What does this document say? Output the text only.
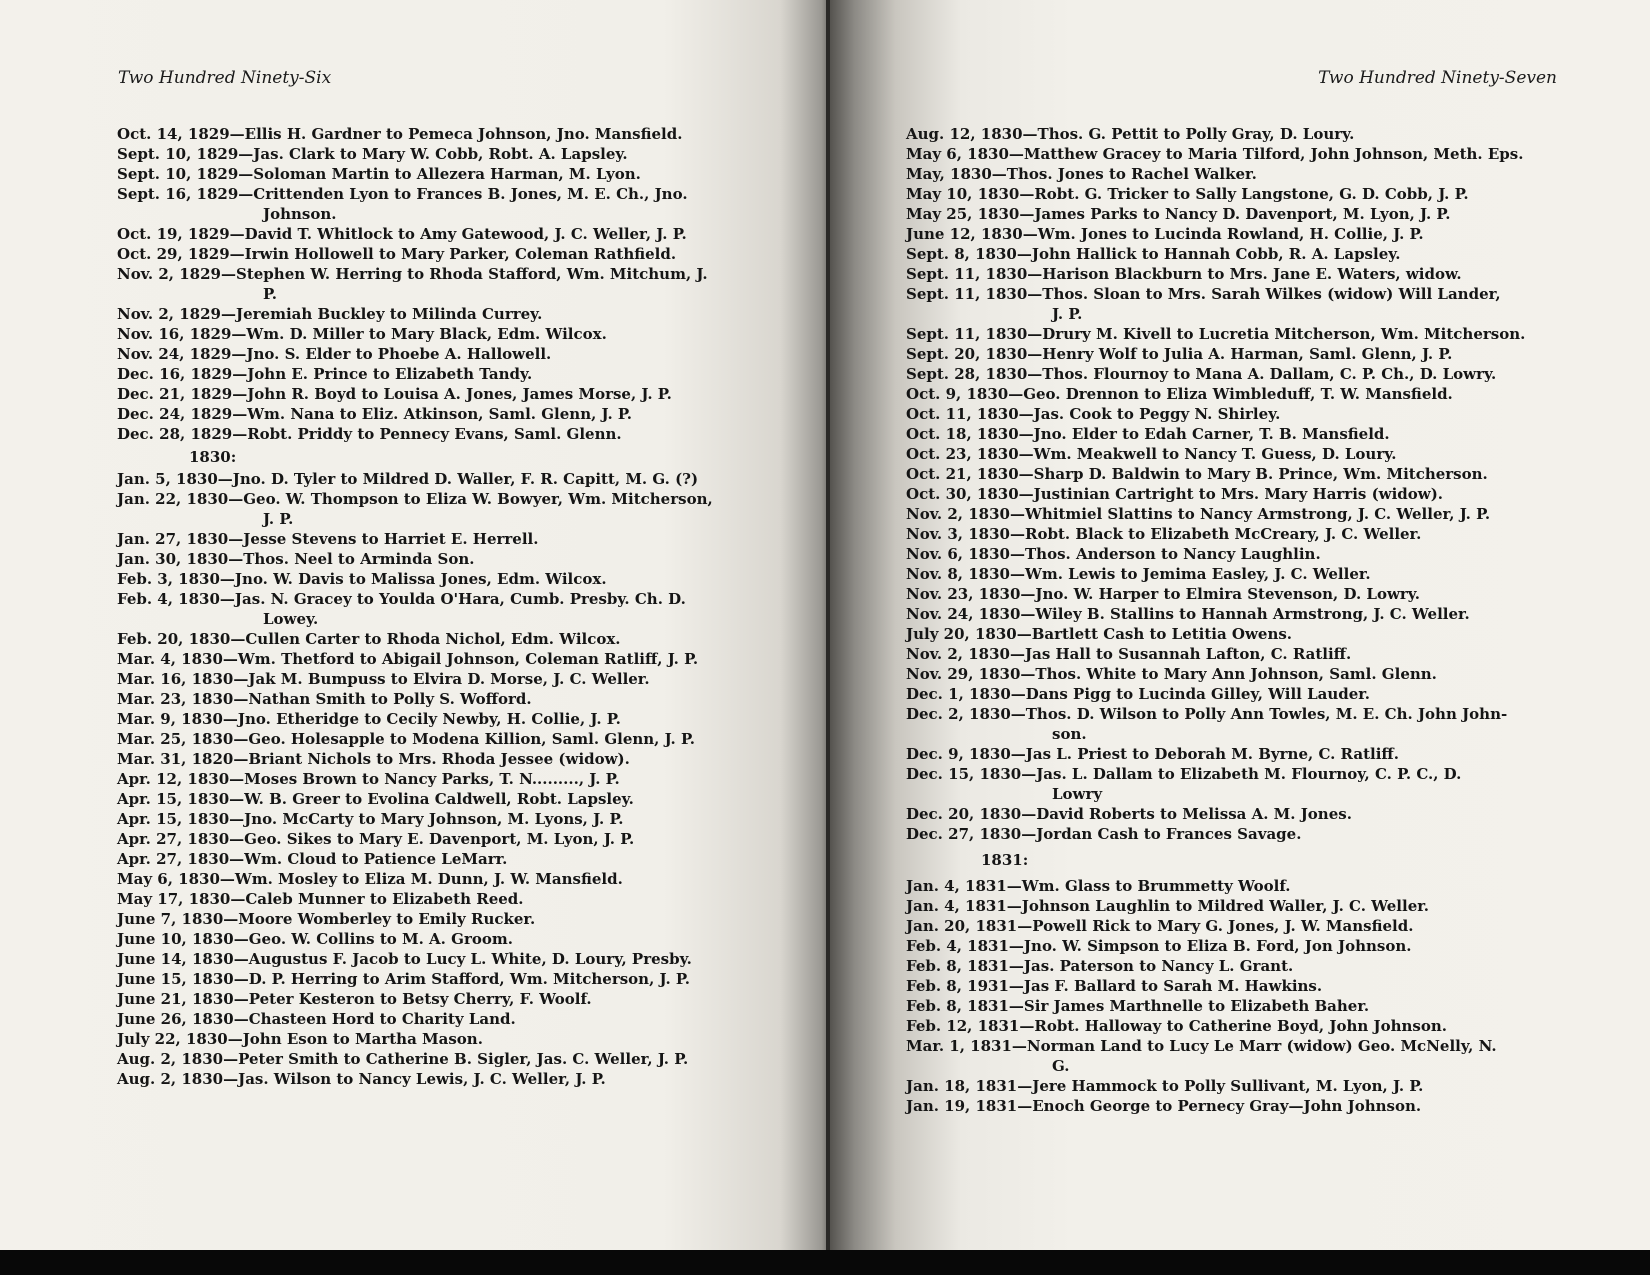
Two Hundred Ninety-Six
Oct. 14, 1829—Ellis H. Gardner to Pemeca Johnson, Jno. Mansfield.
Sept. 10, 1829—Jas. Clark to Mary W. Cobb, Robt. A. Lapsley.
Sept. 10, 1829—Soloman Martin to Allezera Harman, M. Lyon.
Sept. 16, 1829—Crittenden Lyon to Frances B. Jones, M. E. Ch., Jno.
Johnson.
Oct. 19, 1829—David T. Whitlock to Amy Gatewood, J. C. Weller, J. P.
Oct. 29, 1829—Irwin Hollowell to Mary Parker, Coleman Rathfield.
Nov. 2, 1829—Stephen W. Herring to Rhoda Stafford, Wm. Mitchum, J.
P.
Nov. 2, 1829—Jeremiah Buckley to Milinda Currey.
Nov. 16, 1829—Wm. D. Miller to Mary Black, Edm. Wilcox.
Nov. 24, 1829—Jno. S. Elder to Phoebe A. Hallowell.
Dec. 16, 1829—John E. Prince to Elizabeth Tandy.
Dec. 21, 1829—John R. Boyd to Louisa A. Jones, James Morse, J. P.
Dec. 24, 1829—Wm. Nana to Eliz. Atkinson, Saml. Glenn, J. P.
Dec. 28, 1829—Robt. Priddy to Pennecy Evans, Saml. Glenn.
1830:
Jan. 5, 1830—Jno. D. Tyler to Mildred D. Waller, F. R. Capitt, M. G. (?)
Jan. 22, 1830—Geo. W. Thompson to Eliza W. Bowyer, Wm. Mitcherson,
J. P.
Jan. 27, 1830—Jesse Stevens to Harriet E. Herrell.
Jan. 30, 1830—Thos. Neel to Arminda Son.
Feb. 3, 1830—Jno. W. Davis to Malissa Jones, Edm. Wilcox.
Feb. 4, 1830—Jas. N. Gracey to Youlda O'Hara, Cumb. Presby. Ch. D.
Lowey.
Feb. 20, 1830—Cullen Carter to Rhoda Nichol, Edm. Wilcox.
Mar. 4, 1830—Wm. Thetford to Abigail Johnson, Coleman Ratliff, J. P.
Mar. 16, 1830—Jak M. Bumpuss to Elvira D. Morse, J. C. Weller.
Mar. 23, 1830—Nathan Smith to Polly S. Wofford.
Mar. 9, 1830—Jno. Etheridge to Cecily Newby, H. Collie, J. P.
Mar. 25, 1830—Geo. Holesapple to Modena Killion, Saml. Glenn, J. P.
Mar. 31, 1820—Briant Nichols to Mrs. Rhoda Jessee (widow).
Apr. 12, 1830—Moses Brown to Nancy Parks, T. N........., J. P.
Apr. 15, 1830—W. B. Greer to Evolina Caldwell, Robt. Lapsley.
Apr. 15, 1830—Jno. McCarty to Mary Johnson, M. Lyons, J. P.
Apr. 27, 1830—Geo. Sikes to Mary E. Davenport, M. Lyon, J. P.
Apr. 27, 1830—Wm. Cloud to Patience LeMarr.
May 6, 1830—Wm. Mosley to Eliza M. Dunn, J. W. Mansfield.
May 17, 1830—Caleb Munner to Elizabeth Reed.
June 7, 1830—Moore Womberley to Emily Rucker.
June 10, 1830—Geo. W. Collins to M. A. Groom.
June 14, 1830—Augustus F. Jacob to Lucy L. White, D. Loury, Presby.
June 15, 1830—D. P. Herring to Arim Stafford, Wm. Mitcherson, J. P.
June 21, 1830—Peter Kesteron to Betsy Cherry, F. Woolf.
June 26, 1830—Chasteen Hord to Charity Land.
July 22, 1830—John Eson to Martha Mason.
Aug. 2, 1830—Peter Smith to Catherine B. Sigler, Jas. C. Weller, J. P.
Aug. 2, 1830—Jas. Wilson to Nancy Lewis, J. C. Weller, J. P.
Two Hundred Ninety-Seven
Aug. 12, 1830—Thos. G. Pettit to Polly Gray, D. Loury.
May 6, 1830—Matthew Gracey to Maria Tilford, John Johnson, Meth. Eps.
May, 1830—Thos. Jones to Rachel Walker.
May 10, 1830—Robt. G. Tricker to Sally Langstone, G. D. Cobb, J. P.
May 25, 1830—James Parks to Nancy D. Davenport, M. Lyon, J. P.
June 12, 1830—Wm. Jones to Lucinda Rowland, H. Collie, J. P.
Sept. 8, 1830—John Hallick to Hannah Cobb, R. A. Lapsley.
Sept. 11, 1830—Harison Blackburn to Mrs. Jane E. Waters, widow.
Sept. 11, 1830—Thos. Sloan to Mrs. Sarah Wilkes (widow) Will Lander,
J. P.
Sept. 11, 1830—Drury M. Kivell to Lucretia Mitcherson, Wm. Mitcherson.
Sept. 20, 1830—Henry Wolf to Julia A. Harman, Saml. Glenn, J. P.
Sept. 28, 1830—Thos. Flournoy to Mana A. Dallam, C. P. Ch., D. Lowry.
Oct. 9, 1830—Geo. Drennon to Eliza Wimbleduff, T. W. Mansfield.
Oct. 11, 1830—Jas. Cook to Peggy N. Shirley.
Oct. 18, 1830—Jno. Elder to Edah Carner, T. B. Mansfield.
Oct. 23, 1830—Wm. Meakwell to Nancy T. Guess, D. Loury.
Oct. 21, 1830—Sharp D. Baldwin to Mary B. Prince, Wm. Mitcherson.
Oct. 30, 1830—Justinian Cartright to Mrs. Mary Harris (widow).
Nov. 2, 1830—Whitmiel Slattins to Nancy Armstrong, J. C. Weller, J. P.
Nov. 3, 1830—Robt. Black to Elizabeth McCreary, J. C. Weller.
Nov. 6, 1830—Thos. Anderson to Nancy Laughlin.
Nov. 8, 1830—Wm. Lewis to Jemima Easley, J. C. Weller.
Nov. 23, 1830—Jno. W. Harper to Elmira Stevenson, D. Lowry.
Nov. 24, 1830—Wiley B. Stallins to Hannah Armstrong, J. C. Weller.
July 20, 1830—Bartlett Cash to Letitia Owens.
Nov. 2, 1830—Jas Hall to Susannah Lafton, C. Ratliff.
Nov. 29, 1830—Thos. White to Mary Ann Johnson, Saml. Glenn.
Dec. 1, 1830—Dans Pigg to Lucinda Gilley, Will Lauder.
Dec. 2, 1830—Thos. D. Wilson to Polly Ann Towles, M. E. Ch. John John-
son.
Dec. 9, 1830—Jas L. Priest to Deborah M. Byrne, C. Ratliff.
Dec. 15, 1830—Jas. L. Dallam to Elizabeth M. Flournoy, C. P. C., D.
Lowry
Dec. 20, 1830—David Roberts to Melissa A. M. Jones.
Dec. 27, 1830—Jordan Cash to Frances Savage.
1831:
Jan. 4, 1831—Wm. Glass to Brummetty Woolf.
Jan. 4, 1831—Johnson Laughlin to Mildred Waller, J. C. Weller.
Jan. 20, 1831—Powell Rick to Mary G. Jones, J. W. Mansfield.
Feb. 4, 1831—Jno. W. Simpson to Eliza B. Ford, Jon Johnson.
Feb. 8, 1831—Jas. Paterson to Nancy L. Grant.
Feb. 8, 1931—Jas F. Ballard to Sarah M. Hawkins.
Feb. 8, 1831—Sir James Marthnelle to Elizabeth Baher.
Feb. 12, 1831—Robt. Halloway to Catherine Boyd, John Johnson.
Mar. 1, 1831—Norman Land to Lucy Le Marr (widow) Geo. McNelly, N.
G.
Jan. 18, 1831—Jere Hammock to Polly Sullivant, M. Lyon, J. P.
Jan. 19, 1831—Enoch George to Pernecy Gray—John Johnson.
